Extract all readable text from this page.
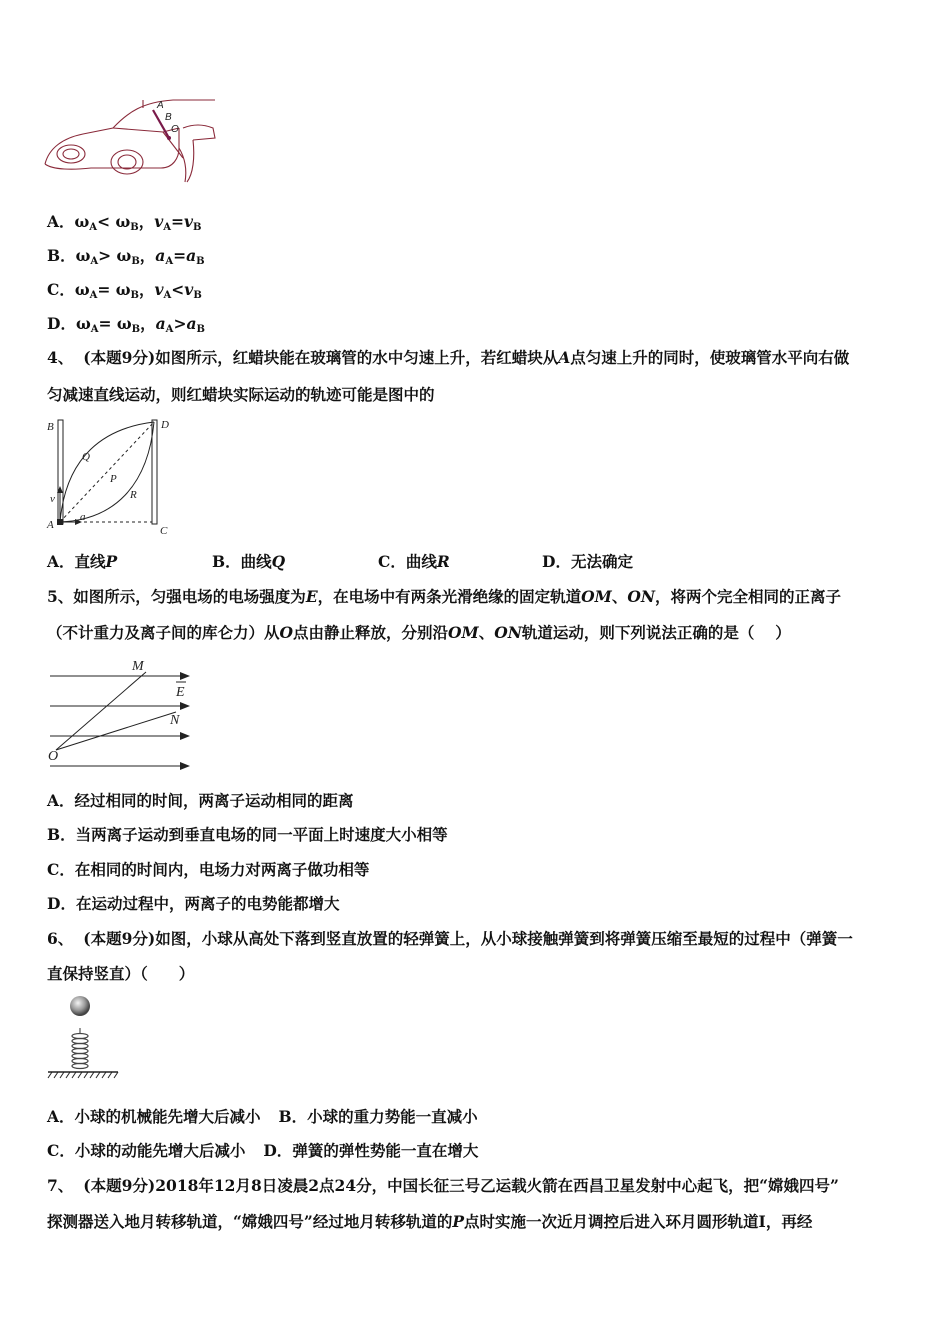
A
B
O
A．$\omega_A< \omega_B$，$v_A=v_B$
B．$\omega_A> \omega_B$，$a_A=a_B$
C．$\omega_A= \omega_B$，$v_A<v_B$
D．$\omega_A= \omega_B$，$a_A>a_B$
4、 (本题9分)如图所示，红蜡块能在玻璃管的水中匀速上升，若红蜡块从A点匀速上升的同时，使玻璃管水平向右做
匀减速直线运动，则红蜡块实际运动的轨迹可能是图中的
B	D
Q
P
R
v
A
a
C
A．直线P	B．曲线Q	C．曲线R	D．无法确定
5、如图所示，匀强电场的电场强度为E，在电场中有两条光滑绝缘的固定轨道OM、ON，将两个完全相同的正离子
（不计重力及离子间的库仑力）从O点由静止释放，分别沿OM、ON轨道运动，则下列说法正确的是（　 ）
M
E
N
O
A．经过相同的时间，两离子运动相同的距离
B．当两离子运动到垂直电场的同一平面上时速度大小相等
C．在相同的时间内，电场力对两离子做功相等
D．在运动过程中，两离子的电势能都增大
6、 (本题9分)如图，小球从高处下落到竖直放置的轻弹簧上，从小球接触弹簧到将弹簧压缩至最短的过程中（弹簧一
直保持竖直）（　　）
A．小球的机械能先增大后减小 B．小球的重力势能一直减小
C．小球的动能先增大后减小 D．弹簧的弹性势能一直在增大
7、 (本题9分)2018年12月8日凌晨2点24分，中国长征三号乙运载火箭在西昌卫星发射中心起飞，把“嫦娥四号”
探测器送入地月转移轨道，“嫦娥四号”经过地月转移轨道的P点时实施一次近月调控后进入环月圆形轨道I，再经
